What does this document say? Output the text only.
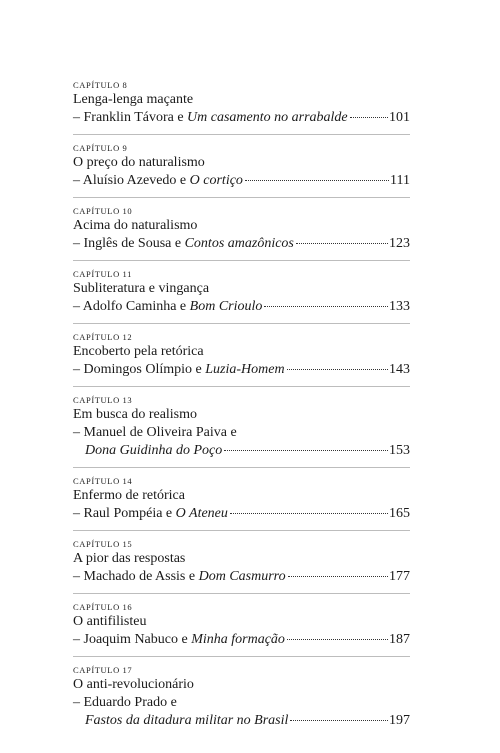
CAPÍTULO 8
Lenga-lenga maçante
– Franklin Távora e Um casamento no arrabalde	101
CAPÍTULO 9
O preço do naturalismo
– Aluísio Azevedo e O cortiço	111
CAPÍTULO 10
Acima do naturalismo
– Inglês de Sousa e Contos amazônicos	123
CAPÍTULO 11
Subliteratura e vingança
– Adolfo Caminha e Bom Crioulo	133
CAPÍTULO 12
Encoberto pela retórica
– Domingos Olímpio e Luzia-Homem	143
CAPÍTULO 13
Em busca do realismo
– Manuel de Oliveira Paiva e
Dona Guidinha do Poço	153
CAPÍTULO 14
Enfermo de retórica
– Raul Pompéia e O Ateneu	165
CAPÍTULO 15
A pior das respostas
– Machado de Assis e Dom Casmurro	177
CAPÍTULO 16
O antifilisteu
– Joaquim Nabuco e Minha formação	187
CAPÍTULO 17
O anti-revolucionário
– Eduardo Prado e
Fastos da ditadura militar no Brasil	197
